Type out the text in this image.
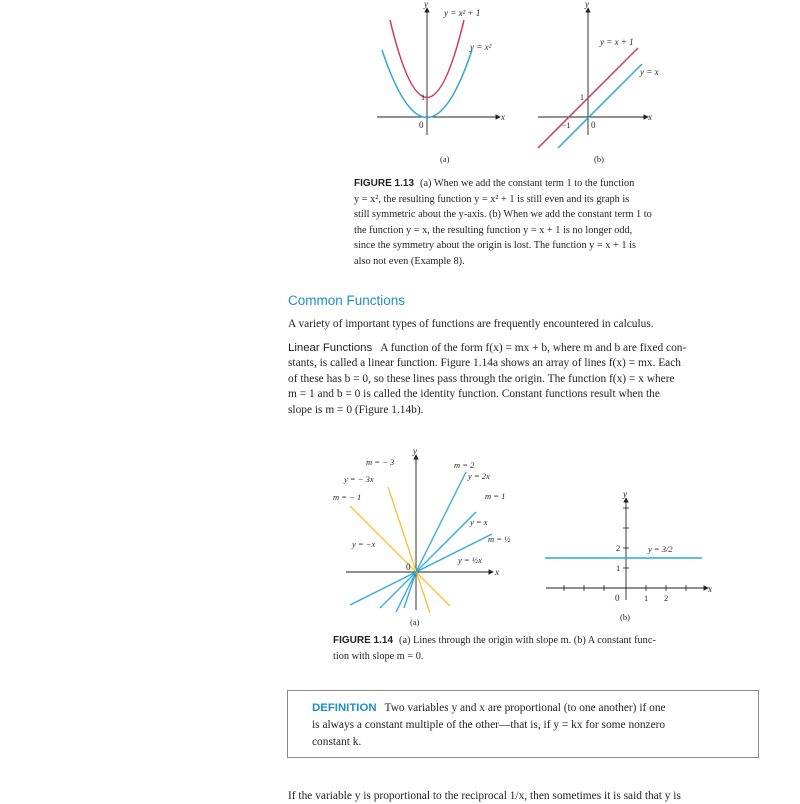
y
x
0
1
y = x² + 1
y = x²
(a)
y
x
0
1
−1
y = x + 1
y = x
(b)
FIGURE 1.13 (a) When we add the constant term 1 to the function
y = x², the resulting function y = x² + 1 is still even and its graph is
still symmetric about the y-axis. (b) When we add the constant term 1 to
the function y = x, the resulting function y = x + 1 is no longer odd,
since the symmetry about the origin is lost. The function y = x + 1 is
also not even (Example 8).
Common Functions
A variety of important types of functions are frequently encountered in calculus.
Linear Functions A function of the form f(x) = mx + b, where m and b are fixed con-
stants, is called a linear function. Figure 1.14a shows an array of lines f(x) = mx. Each
of these has b = 0, so these lines pass through the origin. The function f(x) = x where
m = 1 and b = 0 is called the identity function. Constant functions result when the
slope is m = 0 (Figure 1.14b).
y
x
0
m = − 3
y = − 3x
m = − 1
y = −x
m = 2
y = 2x
m = 1
y = x
m = ½
y = ½x
(a)
y
x
0
1
2
1 2
y = 3/2
(b)
FIGURE 1.14 (a) Lines through the origin with slope m. (b) A constant func-
tion with slope m = 0.
DEFINITION Two variables y and x are proportional (to one another) if one
is always a constant multiple of the other—that is, if y = kx for some nonzero
constant k.
If the variable y is proportional to the reciprocal 1/x, then sometimes it is said that y is
